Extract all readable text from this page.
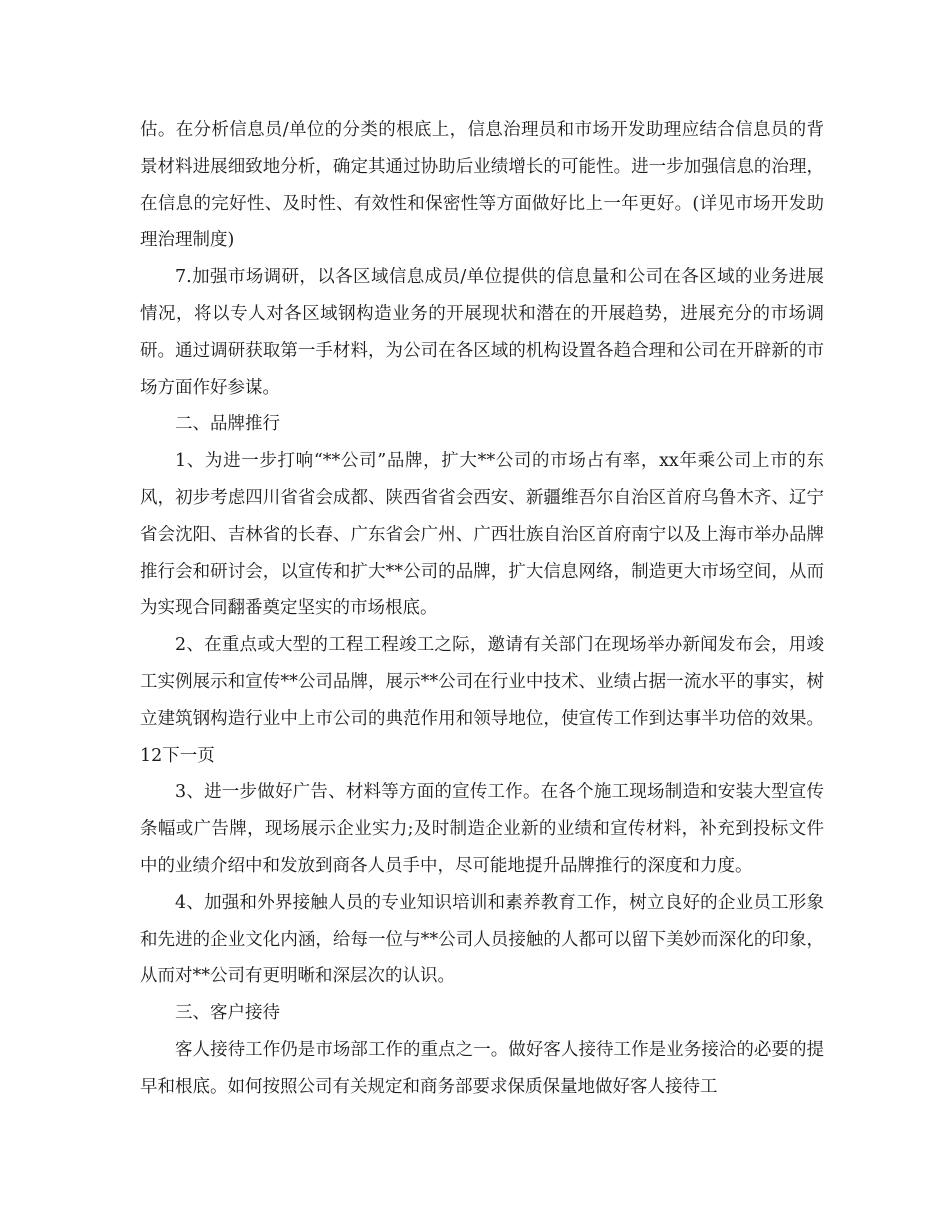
估。在分析信息员/单位的分类的根底上，信息治理员和市场开发助理应结合信息员的背景材料进展细致地分析，确定其通过协助后业绩增长的可能性。进一步加强信息的治理，在信息的完好性、及时性、有效性和保密性等方面做好比上一年更好。(详见市场开发助理治理制度)

7.加强市场调研，以各区域信息成员/单位提供的信息量和公司在各区域的业务进展情况，将以专人对各区域钢构造业务的开展现状和潜在的开展趋势，进展充分的市场调研。通过调研获取第一手材料，为公司在各区域的机构设置各趋合理和公司在开辟新的市场方面作好参谋。

二、品牌推行

1、为进一步打响“**公司”品牌，扩大**公司的市场占有率，xx年乘公司上市的东风，初步考虑四川省省会成都、陕西省省会西安、新疆维吾尔自治区首府乌鲁木齐、辽宁省会沈阳、吉林省的长春、广东省会广州、广西壮族自治区首府南宁以及上海市举办品牌推行会和研讨会，以宣传和扩大**公司的品牌，扩大信息网络，制造更大市场空间，从而为实现合同翻番奠定坚实的市场根底。

2、在重点或大型的工程工程竣工之际，邀请有关部门在现场举办新闻发布会，用竣工实例展示和宣传**公司品牌，展示**公司在行业中技术、业绩占据一流水平的事实，树立建筑钢构造行业中上市公司的典范作用和领导地位，使宣传工作到达事半功倍的效果。12下一页

3、进一步做好广告、材料等方面的宣传工作。在各个施工现场制造和安装大型宣传条幅或广告牌，现场展示企业实力;及时制造企业新的业绩和宣传材料，补充到投标文件中的业绩介绍中和发放到商各人员手中，尽可能地提升品牌推行的深度和力度。

4、加强和外界接触人员的专业知识培训和素养教育工作，树立良好的企业员工形象和先进的企业文化内涵，给每一位与**公司人员接触的人都可以留下美妙而深化的印象，从而对**公司有更明晰和深层次的认识。

三、客户接待

客人接待工作仍是市场部工作的重点之一。做好客人接待工作是业务接洽的必要的提早和根底。如何按照公司有关规定和商务部要求保质保量地做好客人接待工
